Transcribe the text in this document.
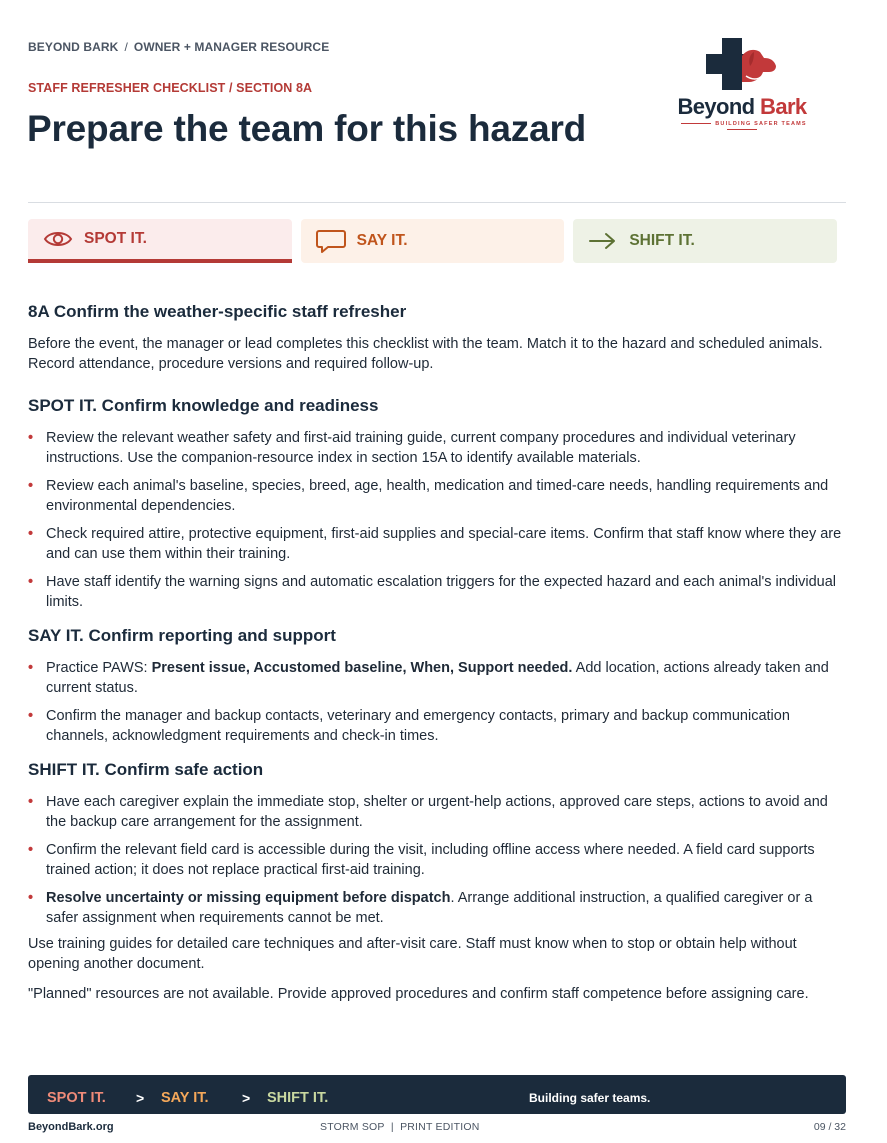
BEYOND BARK / OWNER + MANAGER RESOURCE
STAFF REFRESHER CHECKLIST / SECTION 8A
Prepare the team for this hazard
Beyond Bark
BUILDING SAFER TEAMS
SPOT IT.	SAY IT.	SHIFT IT.
8A Confirm the weather-specific staff refresher

Before the event, the manager or lead completes this checklist with the team. Match it to the hazard and scheduled animals. Record attendance, procedure versions and required follow-up.

SPOT IT. Confirm knowledge and readiness
• Review the relevant weather safety and first-aid training guide, current company procedures and individual veterinary instructions. Use the companion-resource index in section 15A to identify available materials.
• Review each animal's baseline, species, breed, age, health, medication and timed-care needs, handling requirements and environmental dependencies.
• Check required attire, protective equipment, first-aid supplies and special-care items. Confirm that staff know where they are and can use them within their training.
• Have staff identify the warning signs and automatic escalation triggers for the expected hazard and each animal's individual limits.
SAY IT. Confirm reporting and support
• Practice PAWS: Present issue, Accustomed baseline, When, Support needed. Add location, actions already taken and current status.
• Confirm the manager and backup contacts, veterinary and emergency contacts, primary and backup communication channels, acknowledgment requirements and check-in times.
SHIFT IT. Confirm safe action
• Have each caregiver explain the immediate stop, shelter or urgent-help actions, approved care steps, actions to avoid and the backup care arrangement for the assignment.
• Confirm the relevant field card is accessible during the visit, including offline access where needed. A field card supports trained action; it does not replace practical first-aid training.
• Resolve uncertainty or missing equipment before dispatch. Arrange additional instruction, a qualified caregiver or a safer assignment when requirements cannot be met.

Use training guides for detailed care techniques and after-visit care. Staff must know when to stop or obtain help without opening another document.

"Planned" resources are not available. Provide approved procedures and confirm staff competence before assigning care.

SPOT IT. > SAY IT. > SHIFT IT.	Building safer teams.
BeyondBark.org	STORM SOP | PRINT EDITION	09 / 32
